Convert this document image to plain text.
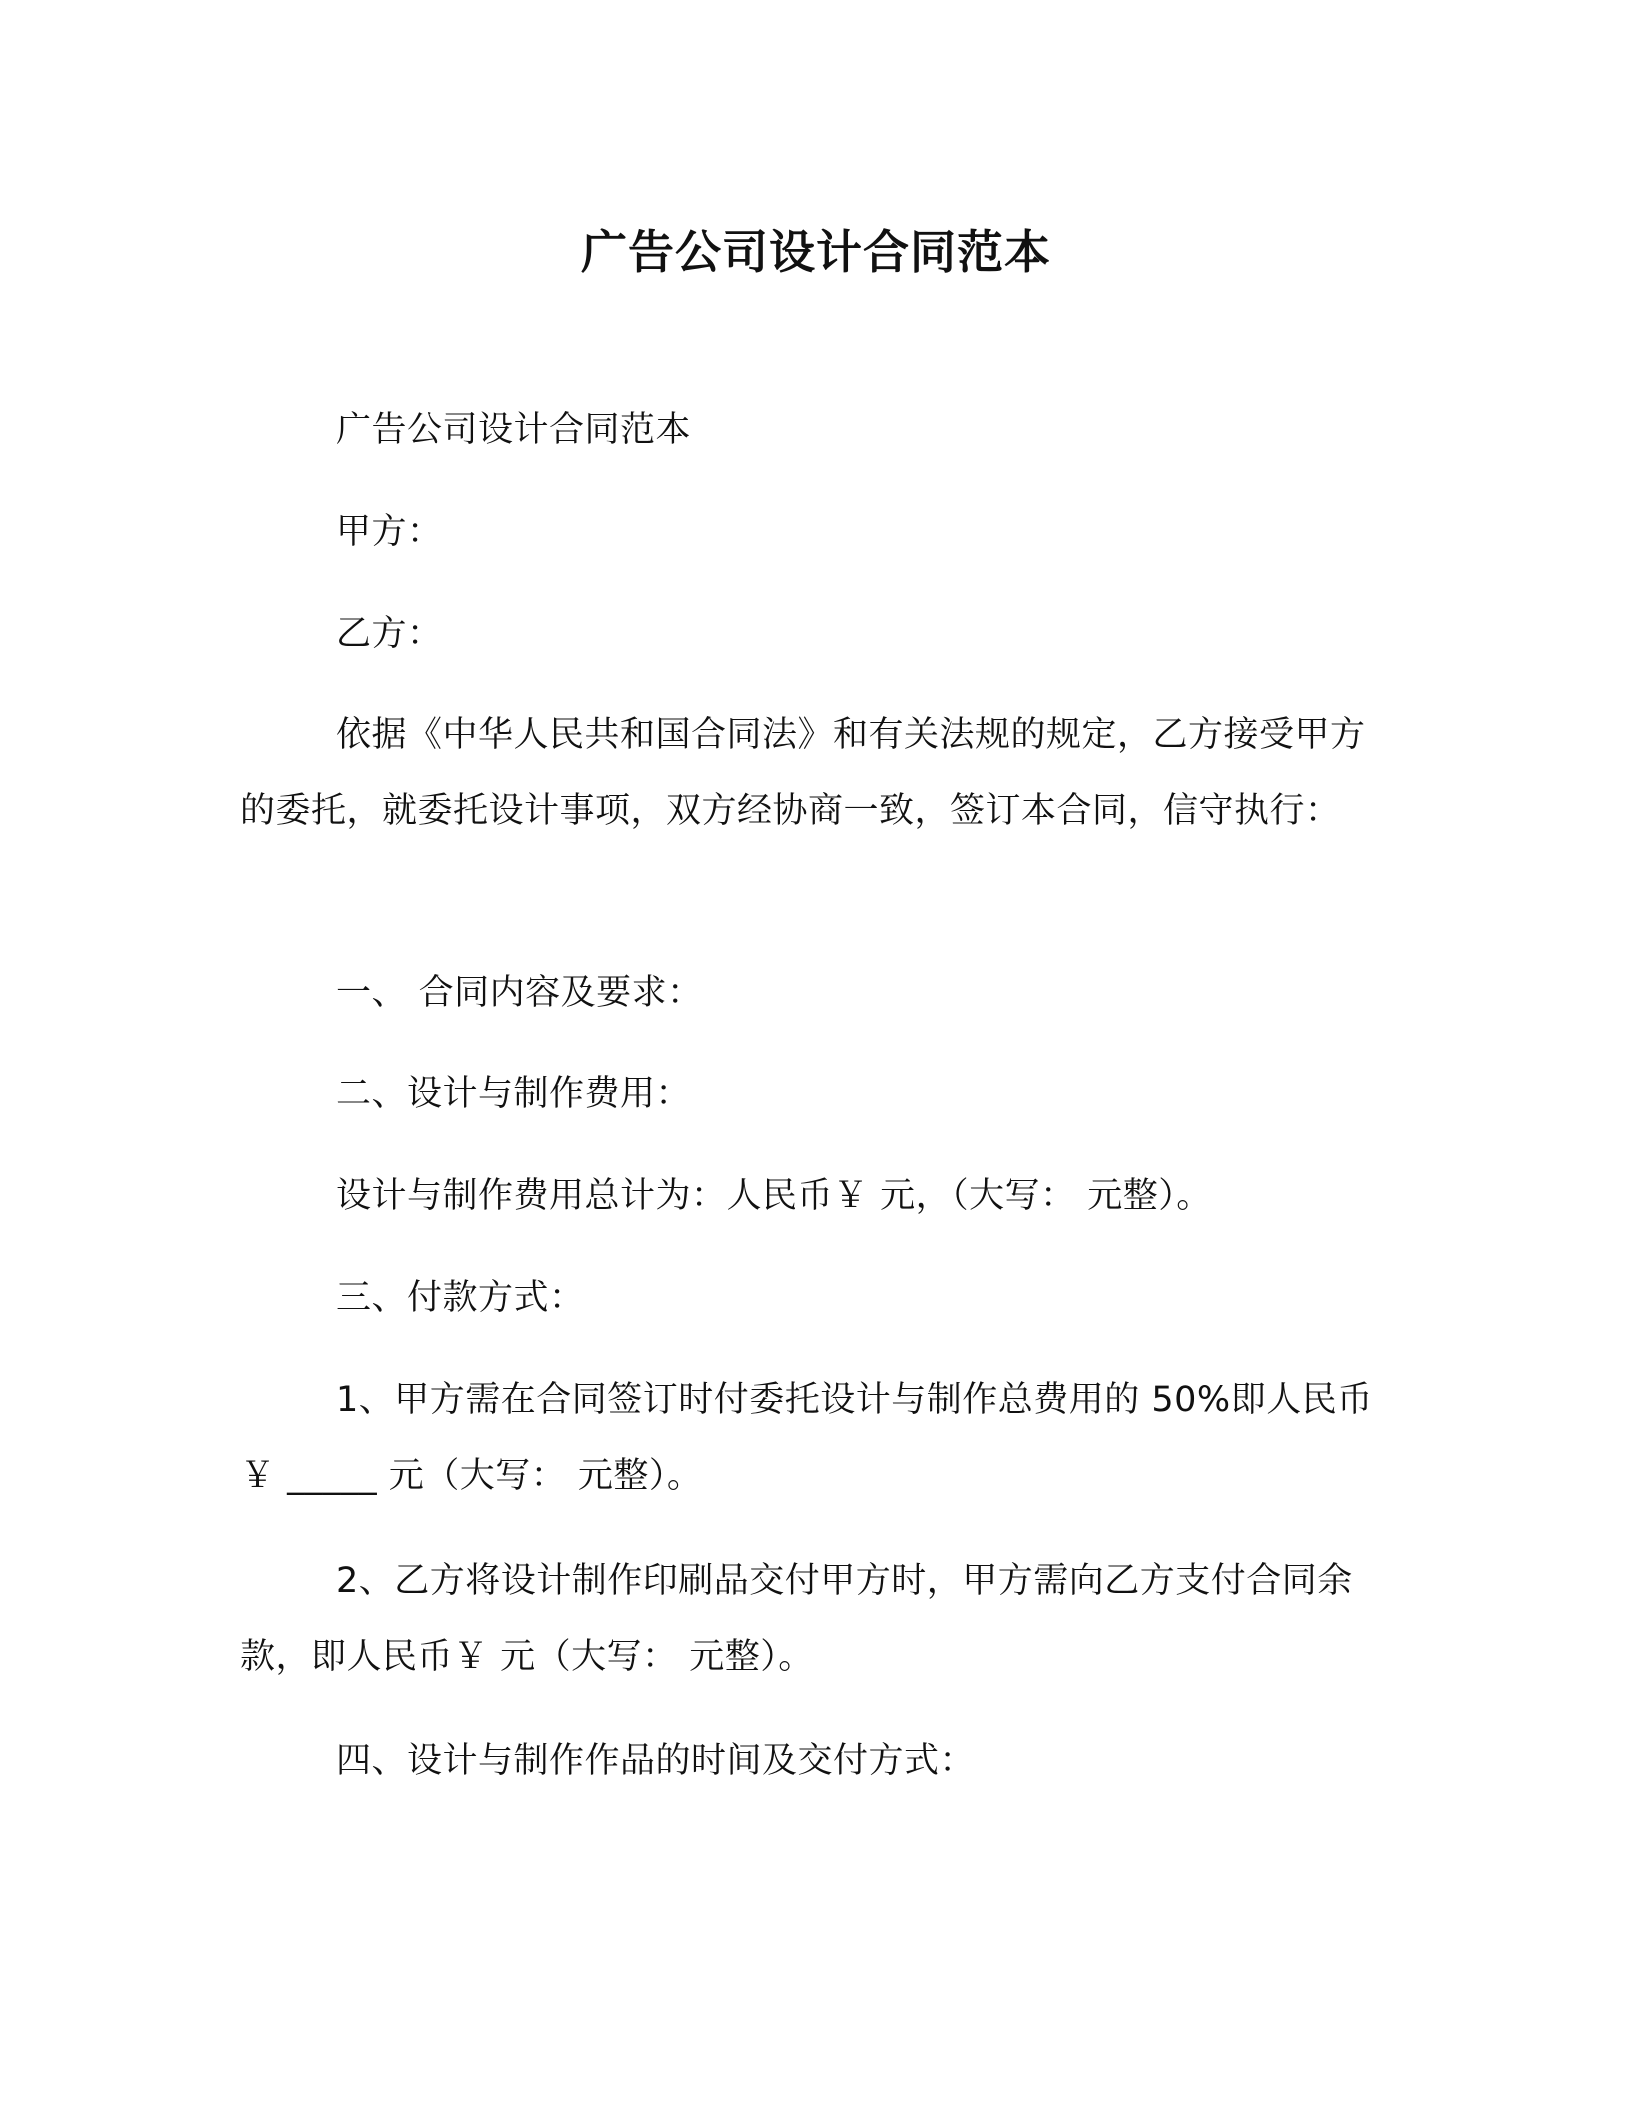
广告公司设计合同范本

广告公司设计合同范本

甲方：

乙方：

依据《中华人民共和国合同法》和有关法规的规定，乙方接受甲方的委托，就委托设计事项，双方经协商一致，签订本合同，信守执行：

一、 合同内容及要求：

二、设计与制作费用：

设计与制作费用总计为：人民币￥ 元，（大写： 元整）。

三、付款方式：

1、甲方需在合同签订时付委托设计与制作总费用的 50%即人民币 ￥ _____ 元（大写： 元整）。

2、乙方将设计制作印刷品交付甲方时，甲方需向乙方支付合同余款，即人民币￥ 元（大写： 元整）。

四、设计与制作作品的时间及交付方式：
